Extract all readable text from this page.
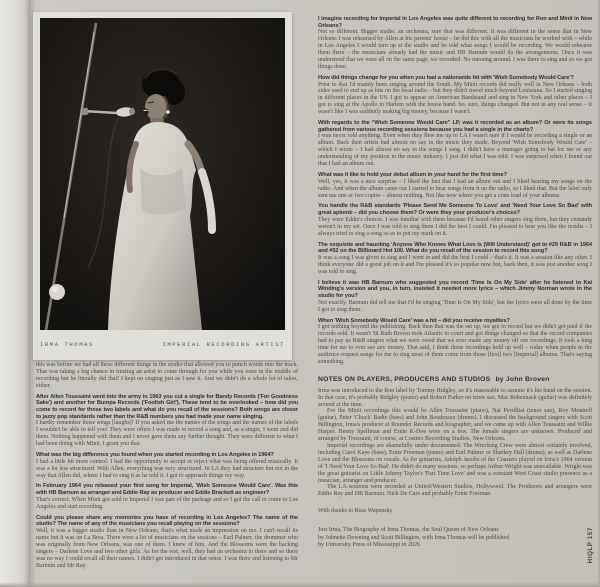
IRMA THOMAS	IMPERIAL RECORDING ARTIST
I imagine recording for Imperial in Los Angeles was quite different to recording for Ron and Minit in New Orleans?
Not so different. Bigger studio, an orchestra, sure that was different. It was different in the sense that in New Orleans I was rehearsed by Allen at his parents' house – he did this with all the musicians he worked with – while in Los Angeles I would turn up at the studio and be told what songs I would be recording. We would rehearse them there – the musicians already had the music and HB Barnum would do the arrangements. Once it was understood that we were all on the same page, we recorded. No messing around. I was there to sing and so we got things done.
How did things change for you when you had a nationwide hit with 'Wish Somebody Would Care'?
Prior to that I'd mainly been singing around the South. My Minit records did really well in New Orleans – both sides used to end up as hits on the local radio – but they didn't travel much beyond Louisiana. So I started singing in different places in the US. I got to appear on American Bandstand and sing in New York and other places – I got to sing at the Apollo in Harlem with the house band. So, sure, things changed. But not in any real sense – it wasn't like I was suddenly making big money, because I wasn't.
With regards to the “Wish Someone Would Care” LP, was it recorded as an album? Or were its songs gathered from various recording sessions because you had a single in the charts?
I was never told anything. Even when they flew me up to LA I wasn't sure if I would be recording a single or an album. Back then artists had almost no say in the music they made. Beyond 'Wish Somebody Would Care' – which I wrote – I had almost no say in the songs I sang. I didn't have a manager going to bat for me or any understanding of my position in the music industry. I just did what I was told. I was surprised when I found out that I had an album out.
What was it like to hold your debut album in your hand for the first time?
Well, yes, it was a nice surprise – I liked the fact that I had an album out and I liked hearing my songs on the radio. And when the album came out I started to hear songs from it on the radio, so I liked that. But the label only sent me one or two copies – almost nothing. Not like now where you get a crate load of your albums.
You handle the R&B standards 'Please Send Me Someone To Love' and 'Need Your Love So Bad' with great aplomb – did you choose them? Or were they your producer's choices?
They were Eddie's choices. I was familiar with them because I'd heard other singers sing them, but they certainly weren't in my set. Once I was told to sing them I did the best I could. I'm pleased to hear you like the results – I always tried to sing a song so as to put my mark on it.
The exquisite and haunting 'Anyone Who Knows What Love Is (Will Understand)' got to #29 R&B in 1964 and #52 on the Billboard Hot 100. What do you recall of the session to record this song?
It was a song I was given to sing and I went in and did the best I could – that's it. It was a session like any other. I think everyone did a good job on it and I'm pleased it's so popular now but, back then, it was just another song I was told to sing.
I believe it was HB Barnum who suggested you record 'Time Is On My Side' after he listened to Kai Winding's version and you, in turn, insisted it needed more lyrics – which Jimmy Norman wrote in the studio for you?
Not exactly. Barnum did tell me that I'd be singing 'Time Is On My Side', but the lyrics were all done by the time I got to sing them.
When 'Wish Somebody Would Care' was a hit – did you receive royalties?
I got nothing beyond the publishing. Back then that was the set up, we got to record but we didn't get paid if the records sold. It wasn't 'til Ruth Brown took Atlantic to court and got things changed so that the record companies had to pay us R&B singers what we were owed that we ever made any money off our recordings. It took a long time for me to ever see any money. That said, I think those recordings hold up well – today when people in the audience request songs for me to sing most of them come from those [first] two [Imperial] albums. That's saying something.
NOTES ON PLAYERS, PRODUCERS AND STUDIOS by John Broven
Irma was introduced to the Ron label by Tommy Ridgley, so it's reasonable to assume it's his band on the session. In that case, it's probably Ridgley (piano) and Robert Parker on tenor sax. Mac Rebennack (guitar) was definitely around at the time.
For the Minit recordings this would be Allen Toussaint (piano), Nat Perrilliat (tenor sax), Roy Montrell (guitar), Peter 'Chuck' Badie (bass) and John Boudreaux (drums). I discussed the background singers with Scott Billington, Irma's producer at Rounder Records and biographer, and we came up with Allen Toussaint and Willie Harper. Benny Spellman and Ernie K-Doe were on a few. The female singers are unknown. Produced and arranged by Toussaint, of course, at Cosimo Recording Studios, New Orleans.
Imperial recordings are shamefully under documented. The Wrecking Crew were almost certainly involved, including Carol Kaye (bass), Ernie Freeman (piano) and Earl Palmer or Sharkey Hall (drums), as well as Darlene Love and the Blossoms on vocals. As for guitarists, Adolph Jacobs of the Coasters played on Irma's 1964 version of 'I Need Your Love So Bad'. He didn't do many sessions, so perhaps Arthur Wright was unavailable. Wright was the great guitarist on Little Johnny Taylor's 'Part Time Love' and was a constant West Coast studio presence as a musician, arranger and producer.
The LA sessions were recorded at United/Western Studios, Hollywood. The Producers and arrangers were Eddie Ray and HB Barnum. Nick De Caro and probably Ernie Freeman.
With thanks to Russ Wapensky
Just Irma, The Biography of Irma Thomas, the Soul Queen of New Orleans
by Johnette Downing and Scott Billington, with Irma Thomas will be published
by University Press of Mississippi in 2026
this was before we had all these different things in the studio that allowed you to punch words into the track. That was taking a big chance in trusting an artist to come through for you while you were in the middle of recording but he literally did that! I kept on singing just as I saw it. And we didn't do a whole lot of takes, either.
After Allen Toussaint went into the army in 1963 you cut a single for Bandy Records ('For Goodness Sake') and another for Bumpa Records ('Foolish Girl'). These tend to be overlooked – how did you come to record for those two labels and what do you recall of the sessions? Both songs are closer to jazzy pop standards rather than the R&B numbers you had made your name singing.
I hardly remember those songs [laughs]! If you asked me the names of the songs and the names of the labels I wouldn't be able to tell you! They were offers I was made to record a song and, as a singer, I went and did them. Nothing happened with them and I never gave them any further thought. They were different to what I had been doing with Minit, I grant you that.
What was the big difference you found when you started recording in Los Angeles in 1964?
I had a little bit more control. I had the opportunity to accept or reject what was being offered musically. It was a lot less structured. With Allen, everything was very structured. In LA they had structure but not in the way that Allen did, where I had to sing it as he told it. I got to approach things my way.
In February 1964 you released your first song for Imperial, 'Wish Someone Would Care'. Was this with HB Barnum as arranger and Eddie Ray as producer and Eddie Brackett as engineer?
That's correct. When Minit got sold to Imperial I was part of the package and so I got the call to come to Los Angeles and start recording.
Could you please share any memories you have of recording in Los Angeles? The name of the studio? The name of any of the musicians you recall playing on the sessions?
Well, it was a bigger studio than in New Orleans, that's what made an impression on me. I can't recall its name but it was on La Brea. There were a lot of musicians on the sessions – Earl Palmer, the drummer who was originally from New Orleans, was one of them. I knew of him. And the Blossoms were the backing singers – Darlene Love and two other girls. As for the rest, well, they had an orchestra in there and so there was no way I could recall all their names. I didn't get introduced in that sense. I was there and listening to Mr Barnum and Mr Ray.
HIQLP 157
